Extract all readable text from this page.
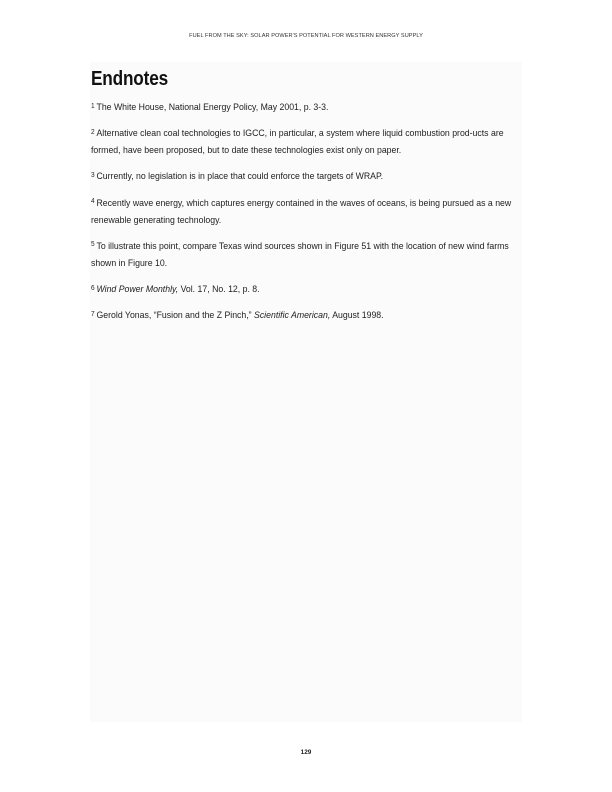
FUEL FROM THE SKY: SOLAR POWER'S POTENTIAL FOR WESTERN ENERGY SUPPLY
Endnotes
$^1$ The White House, National Energy Policy, May 2001, p. 3-3.
$^2$ Alternative clean coal technologies to IGCC, in particular, a system where liquid combustion prod-ucts are formed, have been proposed, but to date these technologies exist only on paper.
$^3$ Currently, no legislation is in place that could enforce the targets of WRAP.
$^4$ Recently wave energy, which captures energy contained in the waves of oceans, is being pursued as a new renewable generating technology.
$^5$ To illustrate this point, compare Texas wind sources shown in Figure 51 with the location of new wind farms shown in Figure 10.
$^6$ Wind Power Monthly, Vol. 17, No. 12, p. 8.
$^7$ Gerold Yonas, “Fusion and the Z Pinch,” Scientific American, August 1998.
129
